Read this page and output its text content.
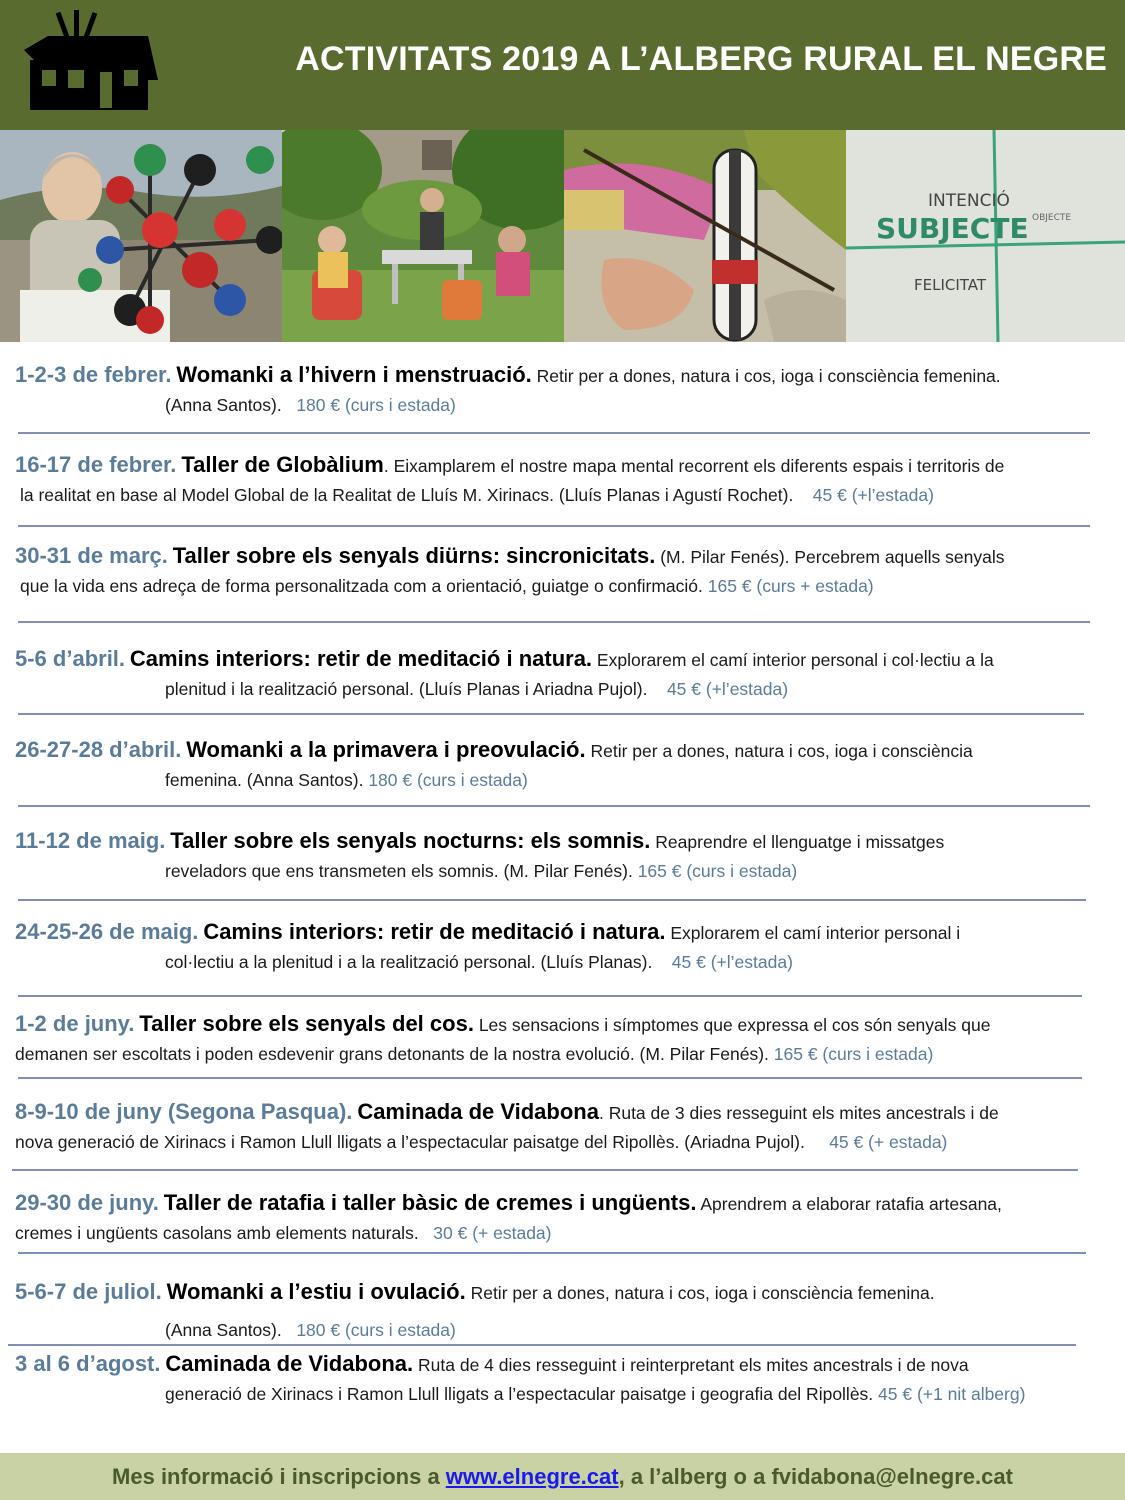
ACTIVITATS 2019 A L’ALBERG RURAL EL NEGRE
INTENCIÓ
SUBJECTE OBJECTE
FELICITAT
1-2-3 de febrer. Womanki a l’hivern i menstruació. Retir per a dones, natura i cos, ioga i consciència femenina.
(Anna Santos). 180 € (curs i estada)
16-17 de febrer. Taller de Globàlium. Eixamplarem el nostre mapa mental recorrent els diferents espais i territoris de
la realitat en base al Model Global de la Realitat de Lluís M. Xirinacs. (Lluís Planas i Agustí Rochet). 45 € (+l’estada)
30-31 de març. Taller sobre els senyals diürns: sincronicitats. (M. Pilar Fenés). Percebrem aquells senyals
que la vida ens adreça de forma personalitzada com a orientació, guiatge o confirmació. 165 € (curs + estada)
5-6 d’abril. Camins interiors: retir de meditació i natura. Explorarem el camí interior personal i col·lectiu a la
plenitud i la realització personal. (Lluís Planas i Ariadna Pujol). 45 € (+l’estada)
26-27-28 d’abril. Womanki a la primavera i preovulació. Retir per a dones, natura i cos, ioga i consciència
femenina. (Anna Santos). 180 € (curs i estada)
11-12 de maig. Taller sobre els senyals nocturns: els somnis. Reaprendre el llenguatge i missatges
reveladors que ens transmeten els somnis. (M. Pilar Fenés). 165 € (curs i estada)
24-25-26 de maig. Camins interiors: retir de meditació i natura. Explorarem el camí interior personal i
col·lectiu a la plenitud i a la realització personal. (Lluís Planas). 45 € (+l’estada)
1-2 de juny. Taller sobre els senyals del cos. Les sensacions i símptomes que expressa el cos són senyals que
demanen ser escoltats i poden esdevenir grans detonants de la nostra evolució. (M. Pilar Fenés). 165 € (curs i estada)
8-9-10 de juny (Segona Pasqua). Caminada de Vidabona. Ruta de 3 dies resseguint els mites ancestrals i de
nova generació de Xirinacs i Ramon Llull lligats a l’espectacular paisatge del Ripollès. (Ariadna Pujol). 45 € (+ estada)
29-30 de juny. Taller de ratafia i taller bàsic de cremes i ungüents. Aprendrem a elaborar ratafia artesana,
cremes i ungüents casolans amb elements naturals. 30 € (+ estada)
5-6-7 de juliol. Womanki a l’estiu i ovulació. Retir per a dones, natura i cos, ioga i consciència femenina.
(Anna Santos). 180 € (curs i estada)
3 al 6 d’agost. Caminada de Vidabona. Ruta de 4 dies resseguint i reinterpretant els mites ancestrals i de nova
generació de Xirinacs i Ramon Llull lligats a l’espectacular paisatge i geografia del Ripollès. 45 € (+1 nit alberg)
Mes informació i inscripcions a www.elnegre.cat, a l’alberg o a fvidabona@elnegre.cat
